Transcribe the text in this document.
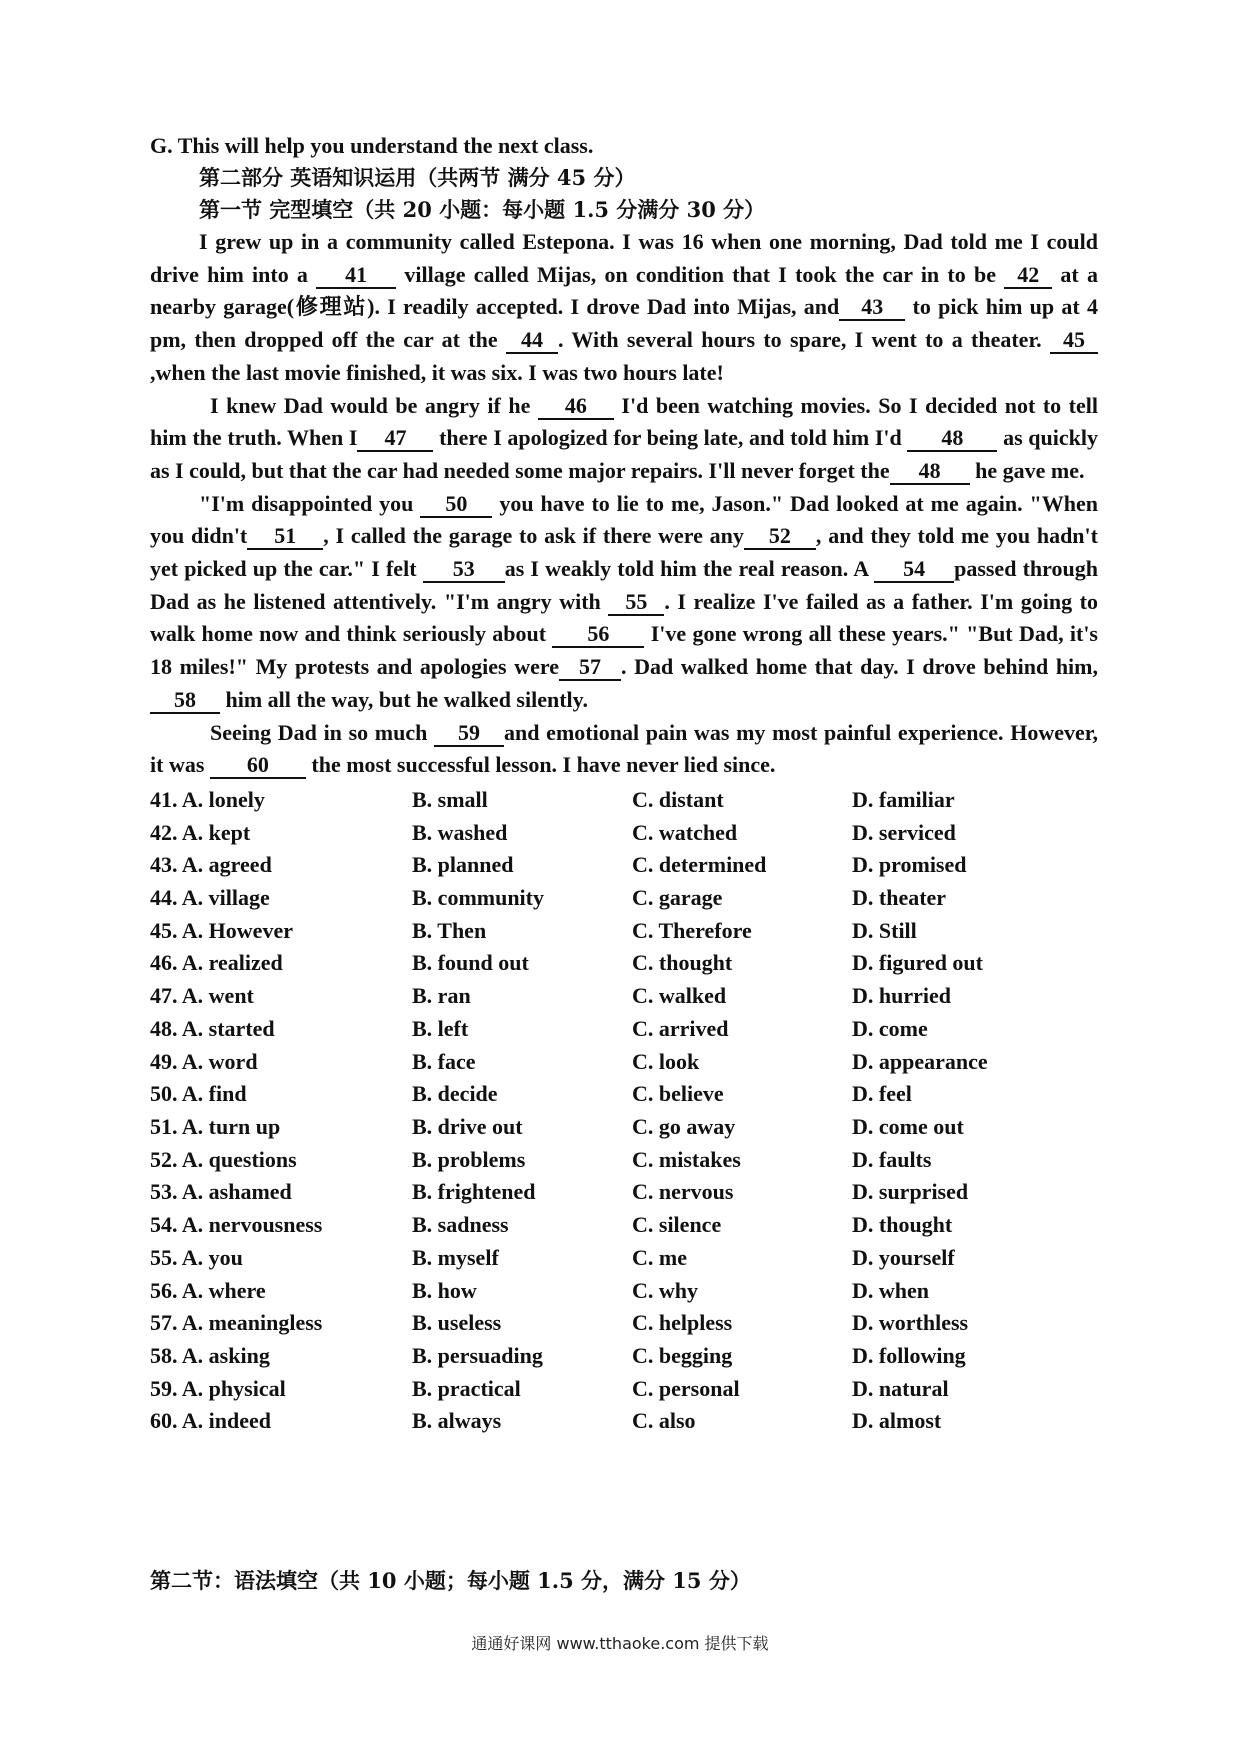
G. This will help you understand the next class.
第二部分 英语知识运用（共两节 满分 45 分）
第一节 完型填空（共 20 小题：每小题 1.5 分满分 30 分）

I grew up in a community called Estepona. I was 16 when one morning, Dad told me I could drive him into a 41 village called Mijas, on condition that I took the car in to be 42 at a nearby garage(修理站). I readily accepted. I drove Dad into Mijas, and 43 to pick him up at 4 pm, then dropped off the car at the 44 . With several hours to spare, I went to a theater. 45,when the last movie finished, it was six. I was two hours late!

I knew Dad would be angry if he 46 I'd been watching movies. So I decided not to tell him the truth. When I 47 there I apologized for being late, and told him I'd 48 as quickly as I could, but that the car had needed some major repairs. I'll never forget the 48 he gave me.

"I'm disappointed you 50 you have to lie to me, Jason." Dad looked at me again. "When you didn't 51 , I called the garage to ask if there were any 52 , and they told me you hadn't yet picked up the car." I felt 53 as I weakly told him the real reason. A 54 passed through Dad as he listened attentively. "I'm angry with 55 . I realize I've failed as a father. I'm going to walk home now and think seriously about 56 I've gone wrong all these years." "But Dad, it's 18 miles!" My protests and apologies were 57 . Dad walked home that day. I drove behind him,58 him all the way, but he walked silently.

Seeing Dad in so much 59 and emotional pain was my most painful experience. However, it was 60 the most successful lesson. I have never lied since.

41. A. lonely	B. small	C. distant	D. familiar
42. A. kept	B. washed	C. watched	D. serviced
43. A. agreed	B. planned	C. determined	D. promised
44. A. village	B. community	C. garage	D. theater
45. A. However	B. Then	C. Therefore	D. Still
46. A. realized	B. found out	C. thought	D. figured out
47. A. went	B. ran	C. walked	D. hurried
48. A. started	B. left	C. arrived	D. come
49. A. word	B. face	C. look	D. appearance
50. A. find	B. decide	C. believe	D. feel
51. A. turn up	B. drive out	C. go away	D. come out
52. A. questions	B. problems	C. mistakes	D. faults
53. A. ashamed	B. frightened	C. nervous	D. surprised
54. A. nervousness	B. sadness	C. silence	D. thought
55. A. you	B. myself	C. me	D. yourself
56. A. where	B. how	C. why	D. when
57. A. meaningless	B. useless	C. helpless	D. worthless
58. A. asking	B. persuading	C. begging	D. following
59. A. physical	B. practical	C. personal	D. natural
60. A. indeed	B. always	C. also	D. almost
第二节：语法填空（共 10 小题；每小题 1.5 分，满分 15 分）
通通好课网 www.tthaoke.com 提供下载
